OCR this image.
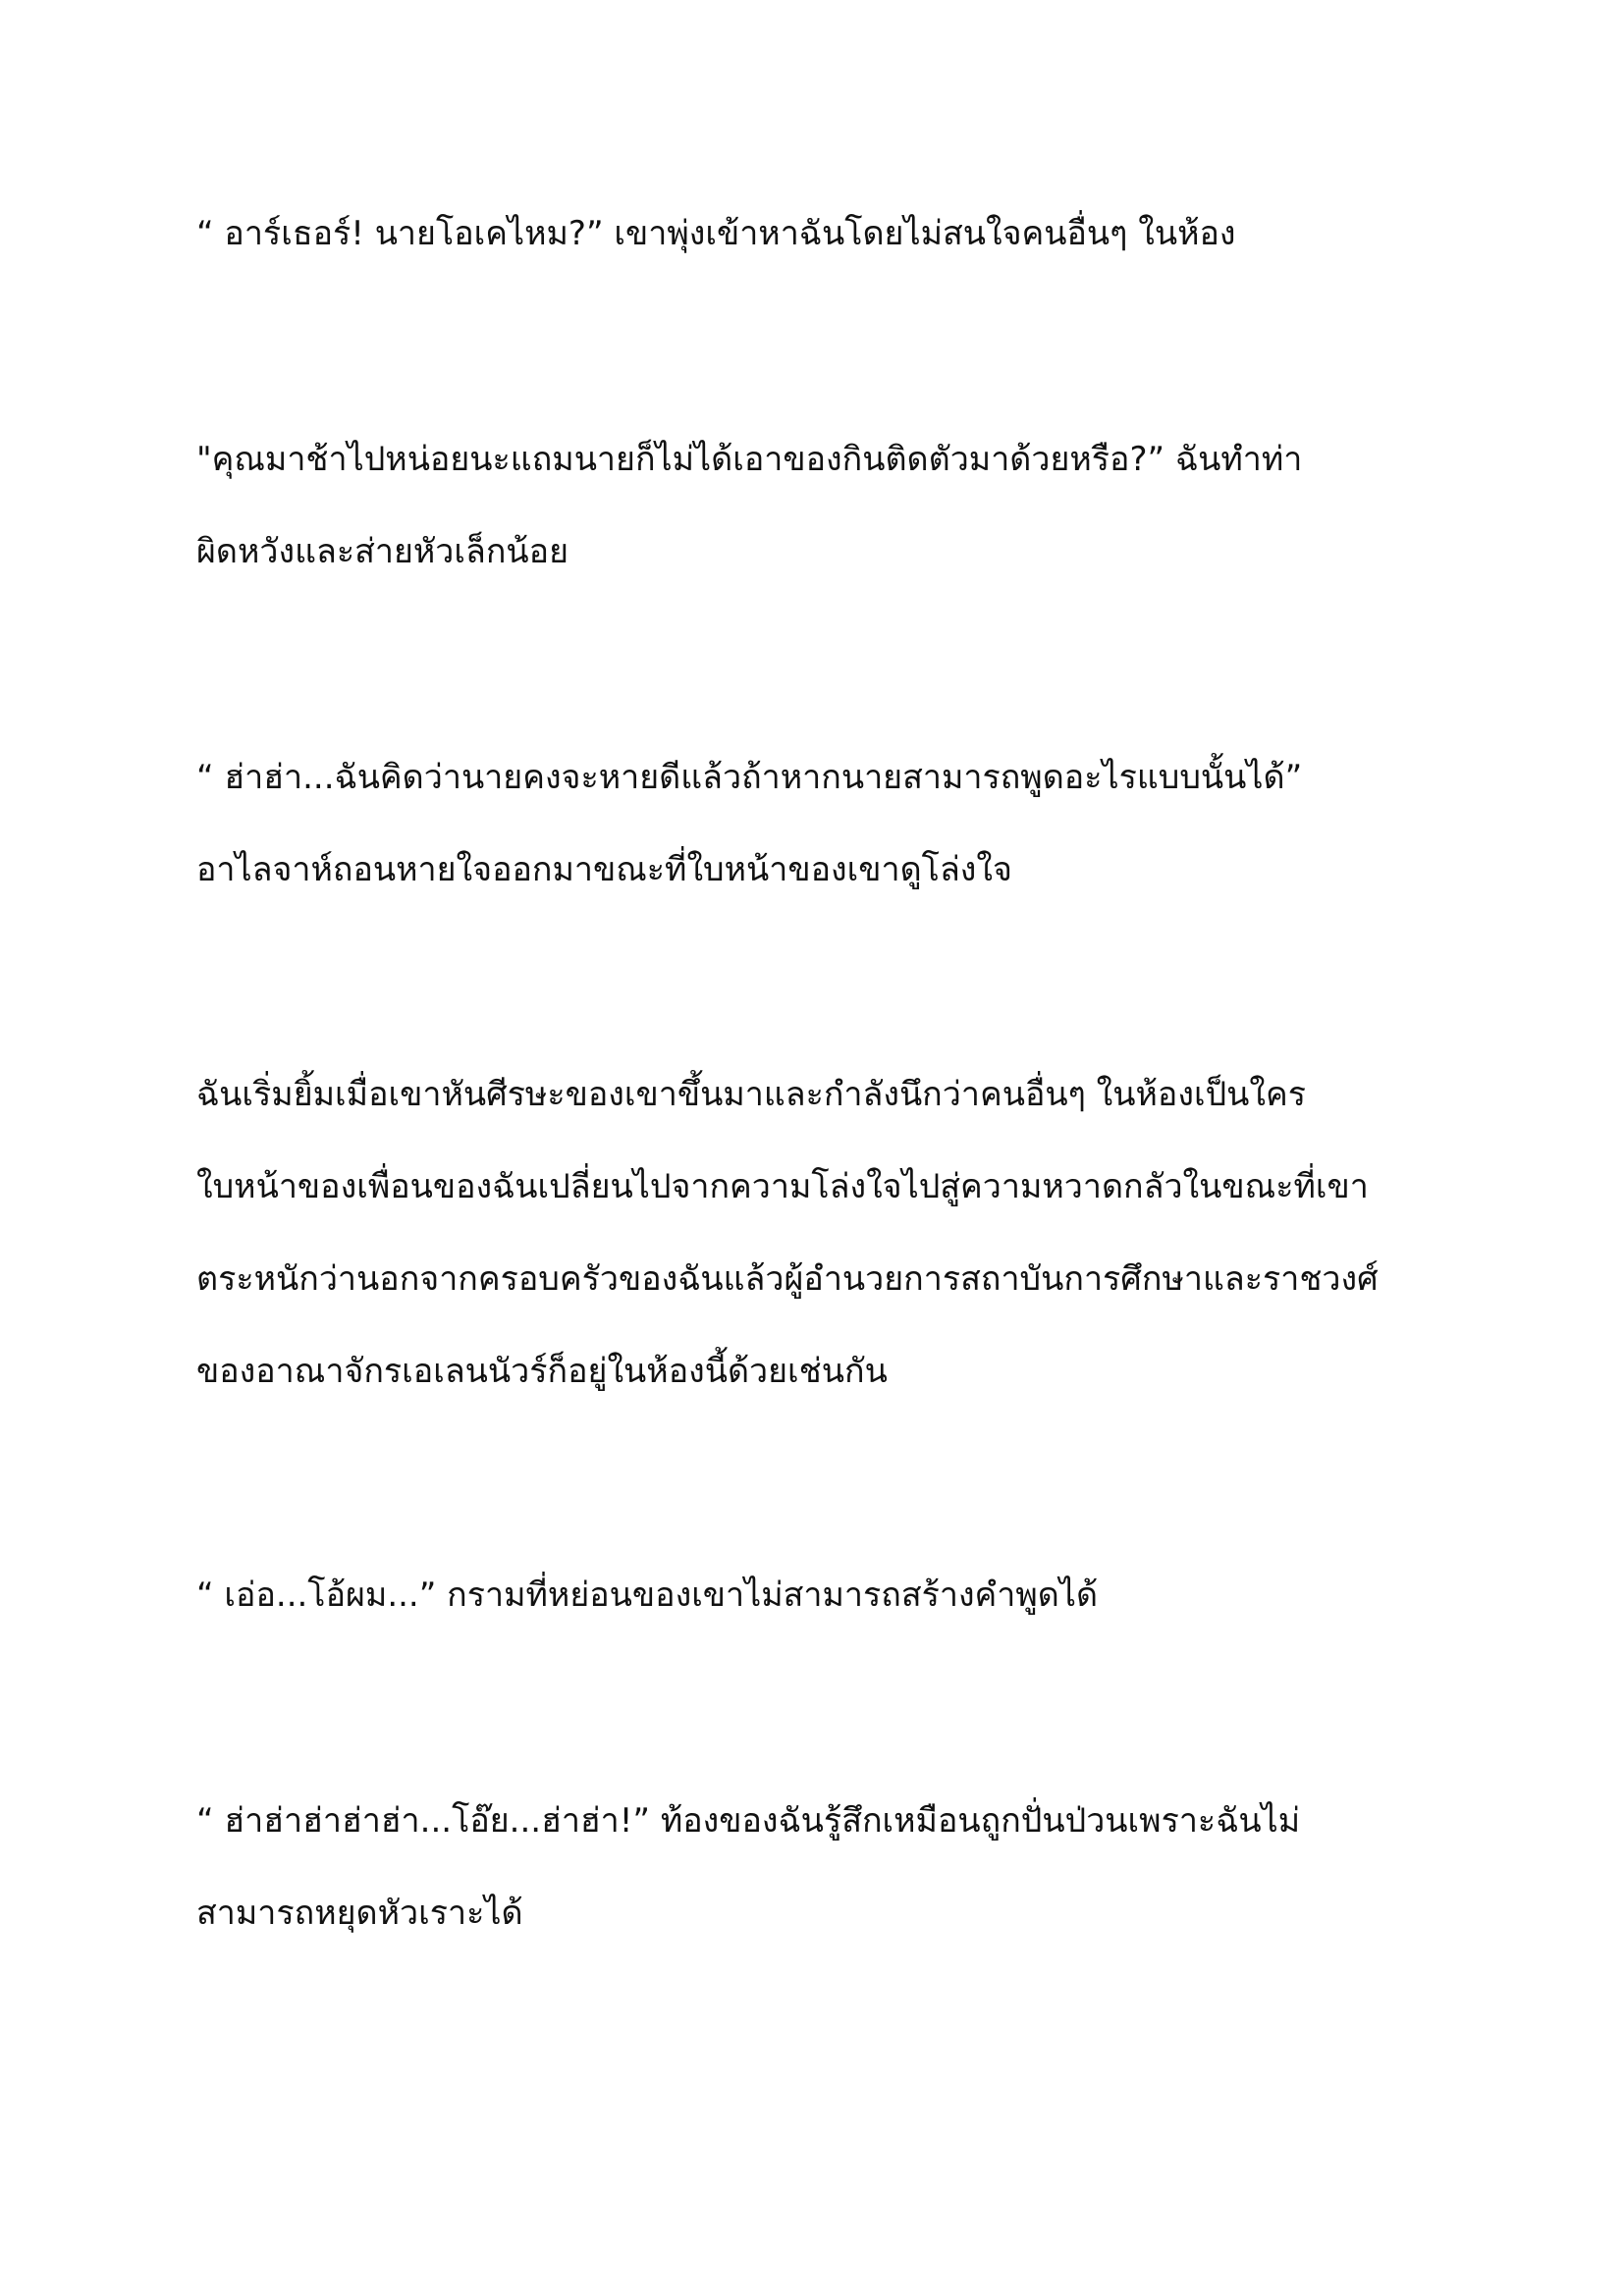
“ อาร์เธอร์! นายโอเคไหม?” เขาพุ่งเข้าหาฉันโดยไม่สนใจคนอื่นๆ ในห้อง
"คุณมาช้าไปหน่อยนะแถมนายก็ไม่ได้เอาของกินติดตัวมาด้วยหรือ?” ฉันทำท่า
ผิดหวังและส่ายหัวเล็กน้อย
“ ฮ่าฮ่า...ฉันคิดว่านายคงจะหายดีแล้วถ้าหากนายสามารถพูดอะไรแบบนั้นได้”
อาไลจาห์ถอนหายใจออกมาขณะที่ใบหน้าของเขาดูโล่งใจ
ฉันเริ่มยิ้มเมื่อเขาหันศีรษะของเขาขึ้นมาและกำลังนึกว่าคนอื่นๆ ในห้องเป็นใคร
ใบหน้าของเพื่อนของฉันเปลี่ยนไปจากความโล่งใจไปสู่ความหวาดกลัวในขณะที่เขา
ตระหนักว่านอกจากครอบครัวของฉันแล้วผู้อำนวยการสถาบันการศึกษาและราชวงศ์
ของอาณาจักรเอเลนนัวร์ก็อยู่ในห้องนี้ด้วยเช่นกัน
“ เอ่อ...โอ้ผม...” กรามที่หย่อนของเขาไม่สามารถสร้างคำพูดได้
“ ฮ่าฮ่าฮ่าฮ่าฮ่า...โอ๊ย...ฮ่าฮ่า!” ท้องของฉันรู้สึกเหมือนถูกปั่นป่วนเพราะฉันไม่
สามารถหยุดหัวเราะได้
